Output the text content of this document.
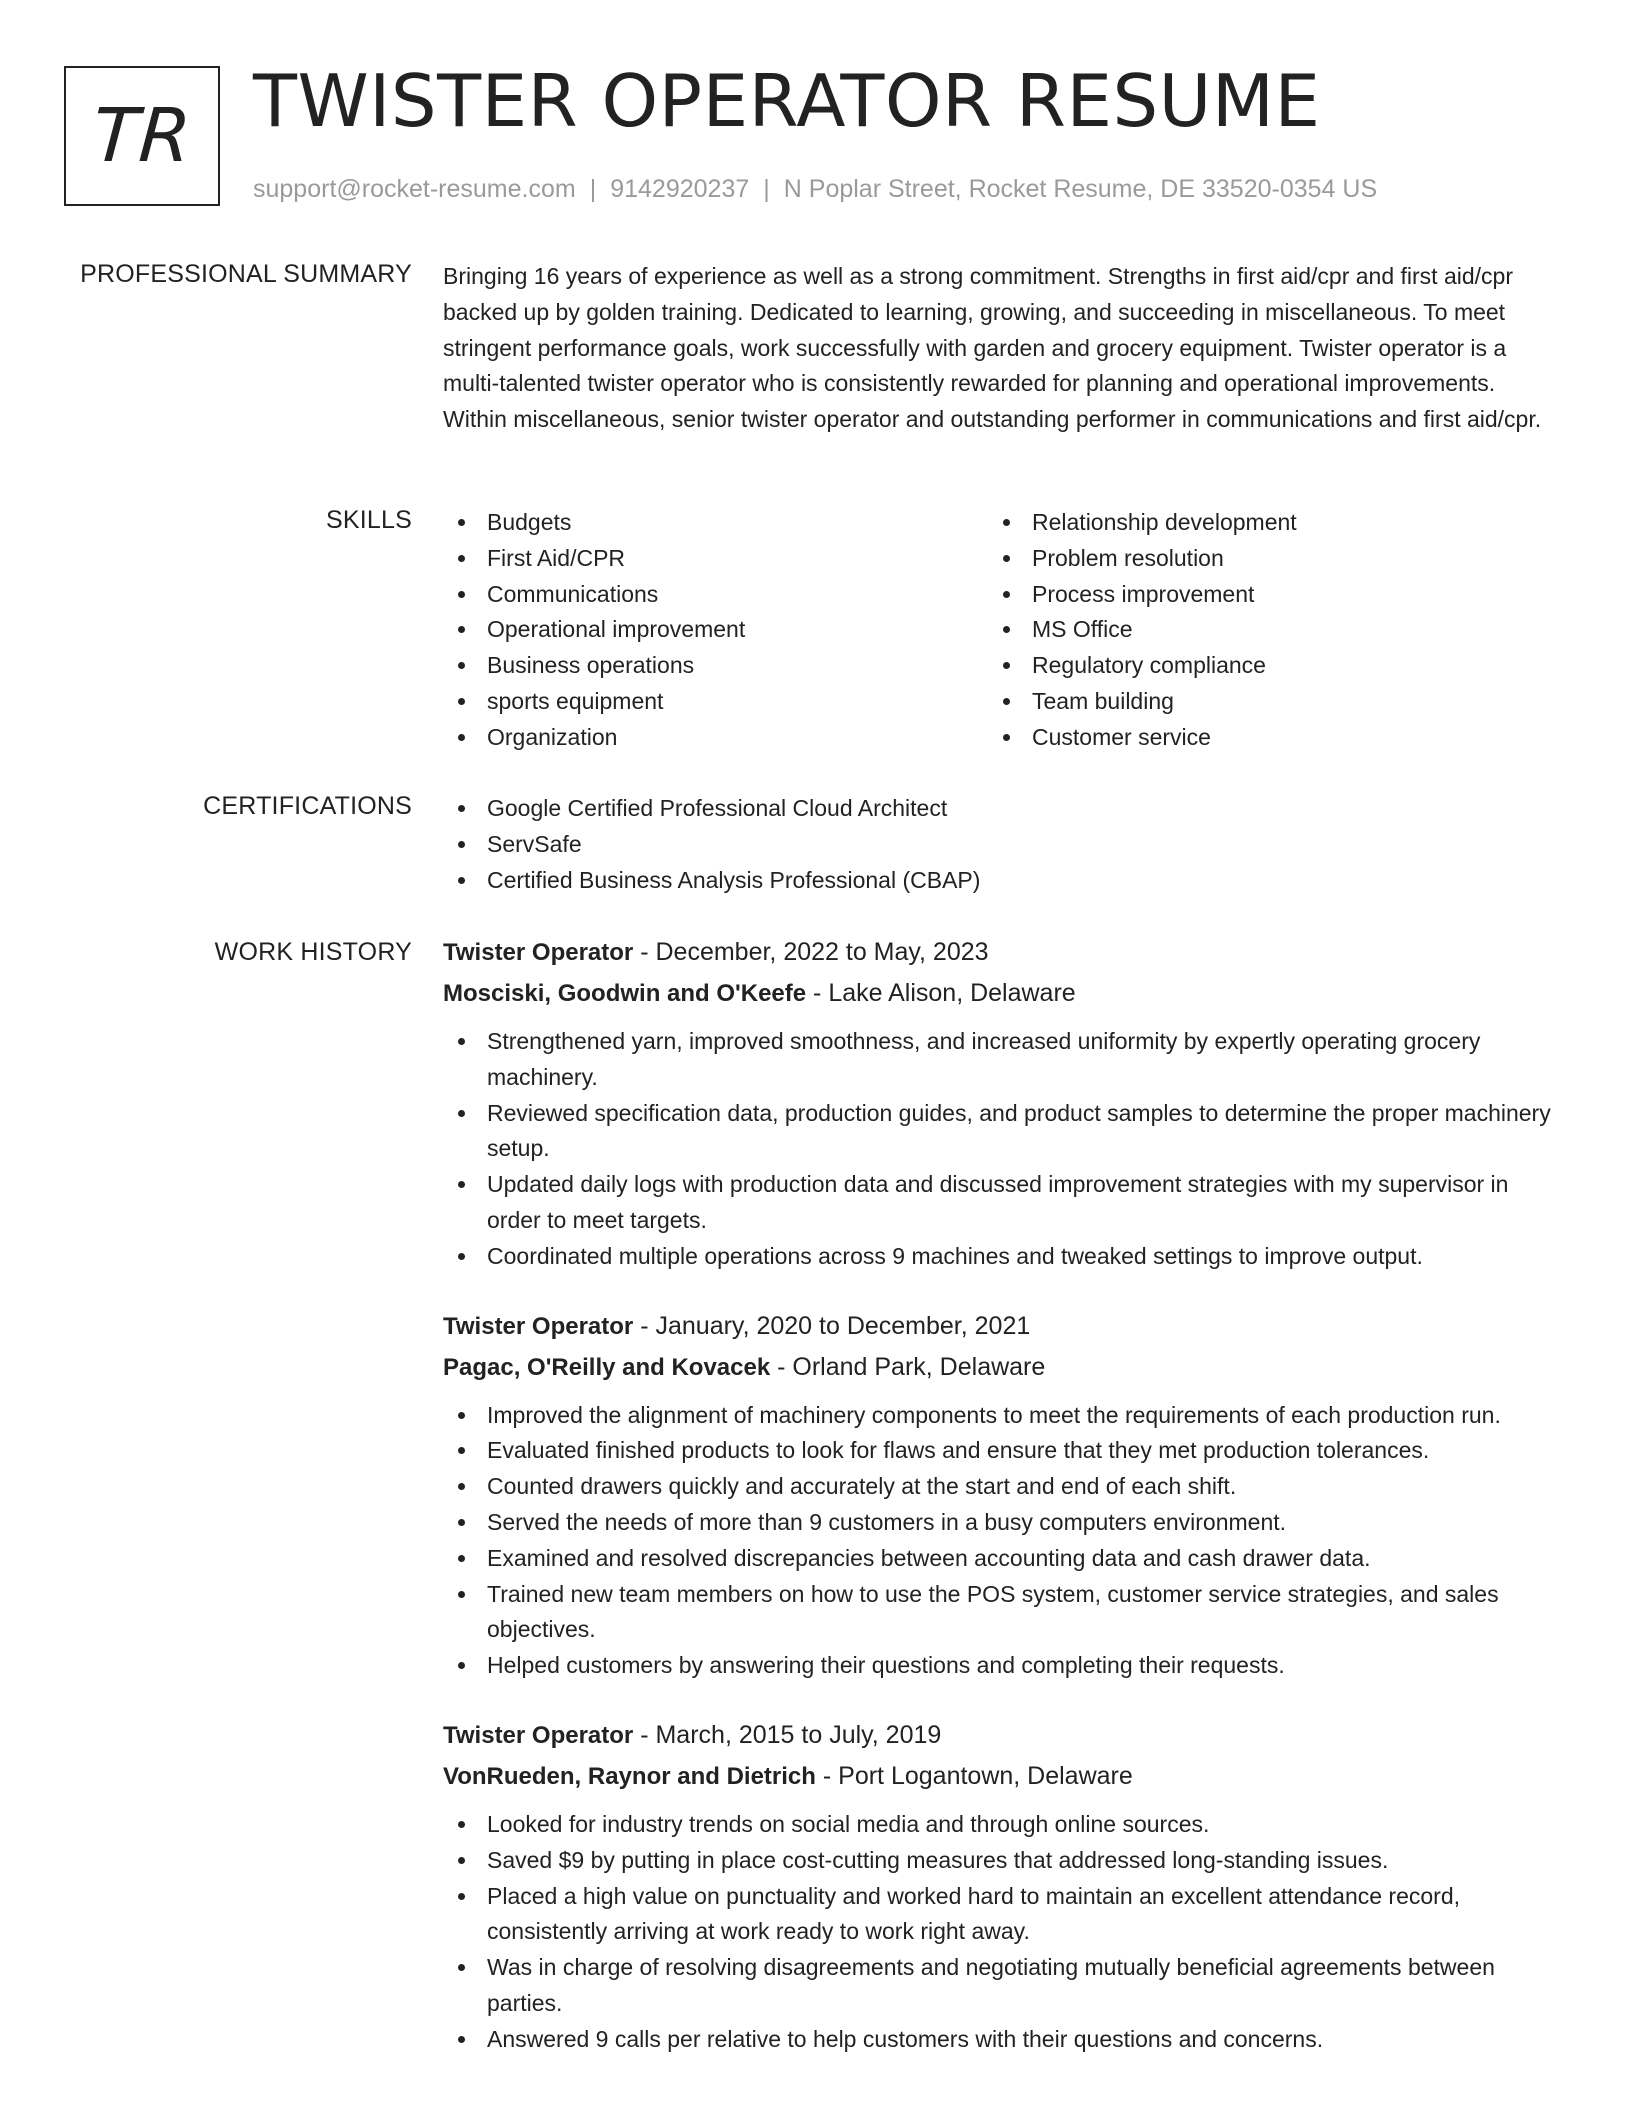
TR TWISTER OPERATOR RESUME
support@rocket-resume.com | 9142920237 | N Poplar Street, Rocket Resume, DE 33520-0354 US
PROFESSIONAL SUMMARY Bringing 16 years of experience as well as a strong commitment. Strengths in first aid/cpr and first aid/cpr backed up by golden training. Dedicated to learning, growing, and succeeding in miscellaneous. To meet stringent performance goals, work successfully with garden and grocery equipment. Twister operator is a multi-talented twister operator who is consistently rewarded for planning and operational improvements. Within miscellaneous, senior twister operator and outstanding performer in communications and first aid/cpr.

SKILLS	Budgets
First Aid/CPR
Communications
Operational improvement
Business operations
sports equipment
Organization
Relationship development
Problem resolution
Process improvement
MS Office
Regulatory compliance
Team building
Customer service
CERTIFICATIONS	Google Certified Professional Cloud Architect
ServSafe
Certified Business Analysis Professional (CBAP)
WORK HISTORY Twister Operator - December, 2022 to May, 2023
Mosciski, Goodwin and O'Keefe - Lake Alison, Delaware
Strengthened yarn, improved smoothness, and increased uniformity by expertly operating grocery machinery.
Reviewed specification data, production guides, and product samples to determine the proper machinery setup.
Updated daily logs with production data and discussed improvement strategies with my supervisor in order to meet targets.
Coordinated multiple operations across 9 machines and tweaked settings to improve output.
Twister Operator - January, 2020 to December, 2021
Pagac, O'Reilly and Kovacek - Orland Park, Delaware
Improved the alignment of machinery components to meet the requirements of each production run.
Evaluated finished products to look for flaws and ensure that they met production tolerances.
Counted drawers quickly and accurately at the start and end of each shift.
Served the needs of more than 9 customers in a busy computers environment.
Examined and resolved discrepancies between accounting data and cash drawer data.
Trained new team members on how to use the POS system, customer service strategies, and sales objectives.
Helped customers by answering their questions and completing their requests.
Twister Operator - March, 2015 to July, 2019
VonRueden, Raynor and Dietrich - Port Logantown, Delaware
Looked for industry trends on social media and through online sources.
Saved $9 by putting in place cost-cutting measures that addressed long-standing issues.
Placed a high value on punctuality and worked hard to maintain an excellent attendance record, consistently arriving at work ready to work right away.
Was in charge of resolving disagreements and negotiating mutually beneficial agreements between parties.
Answered 9 calls per relative to help customers with their questions and concerns.
